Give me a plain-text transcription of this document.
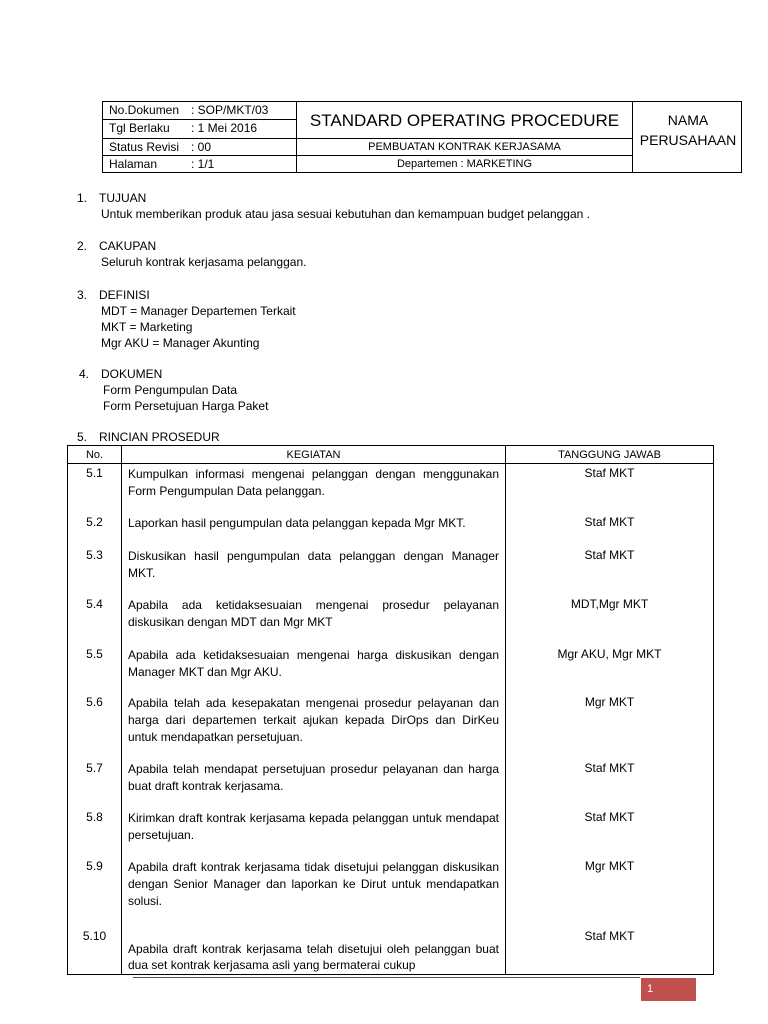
No.Dokumen : SOP/MKT/03
Tgl Berlaku : 1 Mei 2016
Status Revisi : 00
Halaman	: 1/1
STANDARD OPERATING PROCEDURE
PEMBUATAN KONTRAK KERJASAMA
Departemen : MARKETING
NAMA
PERUSAHAAN
1. TUJUAN
Untuk memberikan produk atau jasa sesuai kebutuhan dan kemampuan budget pelanggan .
2. CAKUPAN
Seluruh kontrak kerjasama pelanggan.
3. DEFINISI
MDT = Manager Departemen Terkait
MKT = Marketing
Mgr AKU = Manager Akunting
4. DOKUMEN
Form Pengumpulan Data
Form Persetujuan Harga Paket
5. RINCIAN PROSEDUR
No.	KEGIATAN	TANGGUNG JAWAB
5.1	Kumpulkan informasi mengenai pelanggan dengan menggunakan Form Pengumpulan Data pelanggan.	Staf MKT
5.2	Laporkan hasil pengumpulan data pelanggan kepada Mgr MKT.	Staf MKT
5.3	Diskusikan hasil pengumpulan data pelanggan dengan Manager MKT.	Staf MKT
5.4	Apabila ada ketidaksesuaian mengenai prosedur pelayanan diskusikan dengan MDT dan Mgr MKT	MDT,Mgr MKT
5.5	Apabila ada ketidaksesuaian mengenai harga diskusikan dengan Manager MKT dan Mgr AKU.	Mgr AKU, Mgr MKT
5.6	Apabila telah ada kesepakatan mengenai prosedur pelayanan dan harga dari departemen terkait ajukan kepada DirOps dan DirKeu untuk mendapatkan persetujuan.	Mgr MKT
5.7	Apabila telah mendapat persetujuan prosedur pelayanan dan harga buat draft kontrak kerjasama.	Staf MKT
5.8	Kirimkan draft kontrak kerjasama kepada pelanggan untuk mendapat persetujuan.	Staf MKT
5.9	Apabila draft kontrak kerjasama tidak disetujui pelanggan diskusikan dengan Senior Manager dan laporkan ke Dirut untuk mendapatkan solusi.	Mgr MKT
5.10	Apabila draft kontrak kerjasama telah disetujui oleh pelanggan buat dua set kontrak kerjasama asli yang bermaterai cukup	Staf MKT
1
